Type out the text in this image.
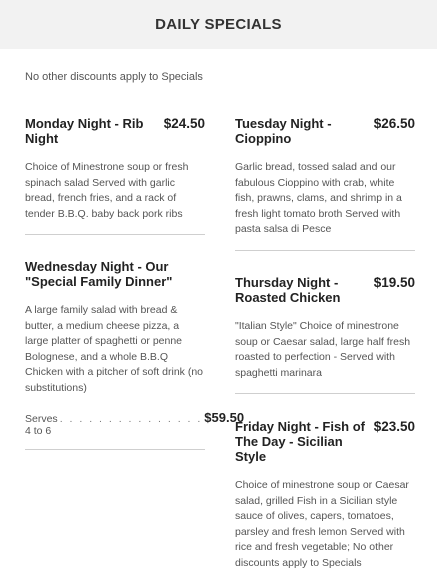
DAILY SPECIALS
No other discounts apply to Specials
Monday Night - Rib Night
$24.50
Choice of Minestrone soup or fresh spinach salad Served with garlic bread, french fries, and a rack of tender B.B.Q. baby back pork ribs
Tuesday Night - Cioppino
$26.50
Garlic bread, tossed salad and our fabulous Cioppino with crab, white fish, prawns, clams, and shrimp in a fresh light tomato broth Served with pasta salsa di Pesce
Wednesday Night - Our "Special Family Dinner"
A large family salad with bread & butter, a medium cheese pizza, a large platter of spaghetti or penne Bolognese, and a whole B.B.Q Chicken with a pitcher of soft drink (no substitutions)
Serves 4 to 6
. . . . . . . . . . . . . . . $59.50
Thursday Night - Roasted Chicken
$19.50
"Italian Style" Choice of minestrone soup or Caesar salad, large half fresh roasted to perfection - Served with spaghetti marinara
Friday Night - Fish of The Day - Sicilian Style
$23.50
Choice of minestrone soup or Caesar salad, grilled Fish in a Sicilian style sauce of olives, capers, tomatoes, parsley and fresh lemon Served with rice and fresh vegetable; No other discounts apply to Specials
